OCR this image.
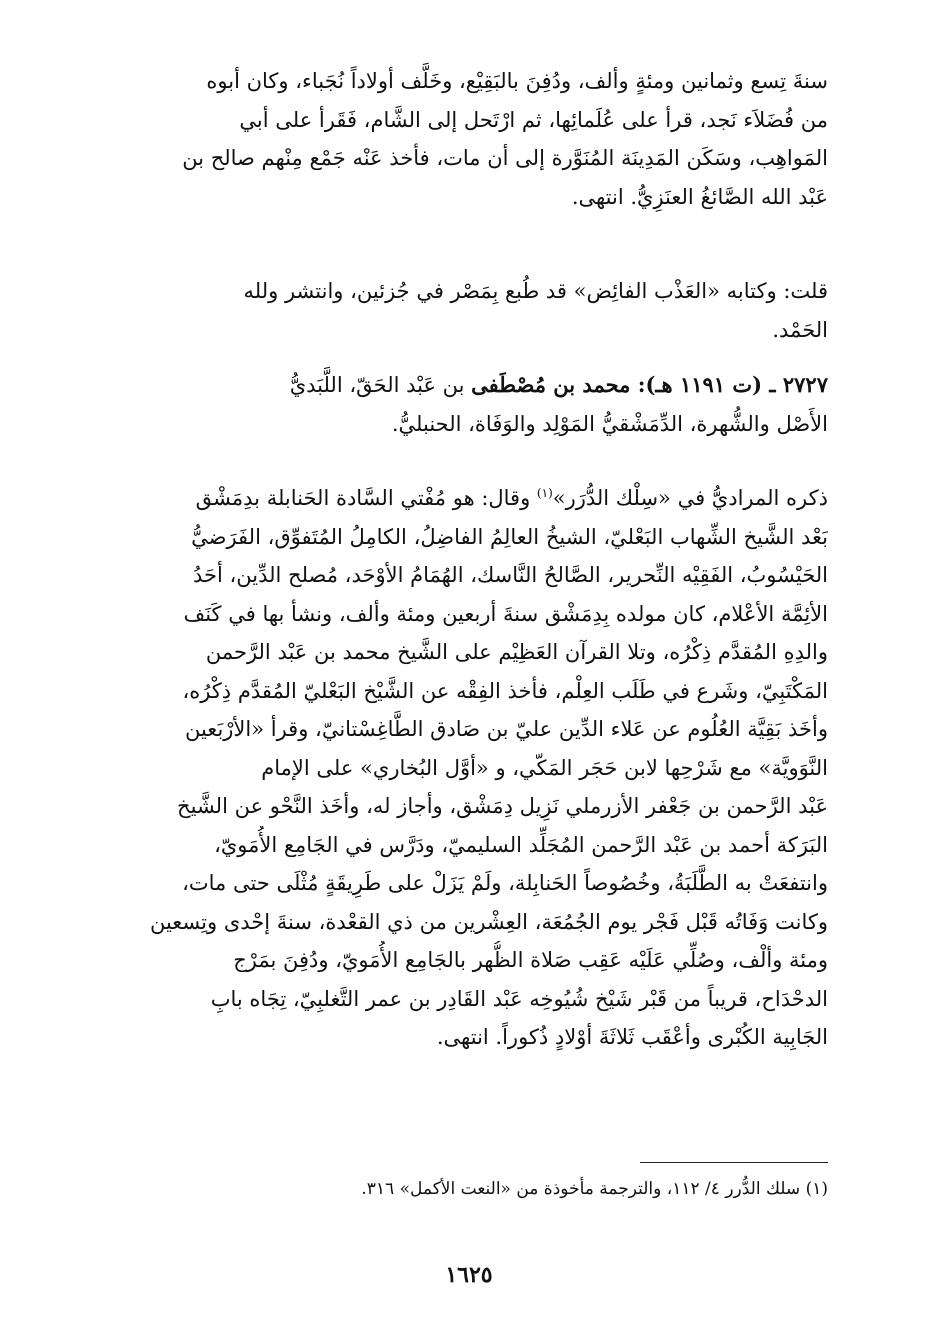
سنةَ تِسع وثمانين ومئةٍ وألف، ودُفِنَ بالبَقِيْع، وخَلَّف أولاداً نُجَباء، وكان أبوه
من فُضَلاَء نَجد، قرأ على عُلَمائِها، ثم ارْتَحل إلى الشَّام، فَقَرأ على أبي
المَواهِب، وسَكَن المَدِينَة المُنَوَّرة إلى أن مات، فأخذ عَنْه جَمْع مِنْهم صالح بن
عَبْد الله الصَّائغُ العنَزِيُّ. انتهى.
قلت: وكتابه «العَذْب الفائِض» قد طُبع بِمَصْر في جُزئين، وانتشر ولله
الحَمْد.
٢٧٢٧ ـ (ت ١١٩١ هـ): محمد بن مُصْطَفى بن عَبْد الحَقّ، اللَّبَديُّ
الأَصْل والشُّهرة، الدِّمَشْقيُّ المَوْلِد والوَفَاة، الحنبليُّ.
ذكره المراديُّ في «سِلْك الدُّرَر»$^{(١)}$ وقال: هو مُفْتي السَّادة الحَنابلة بدِمَشْق
بَعْد الشَّيخ الشِّهاب البَعْليّ، الشيخُ العالِمُ الفاضِلُ، الكامِلُ المُتَفوِّق، الفَرَضيُّ
الحَيْسُوبُ، الفَقِيْه النِّحرير، الصَّالحُ النَّاسك، الهُمَامُ الأوْحَد، مُصلح الدِّين، أحَدُ
الأئِمَّة الأعْلام، كان مولده بِدِمَشْق سنةَ أربعين ومئة وألف، ونشأ بها في كَنَف
والدِهِ المُقدَّم ذِكْرُه، وتلا القرآن العَظِيْم على الشَّيخ محمد بن عَبْد الرَّحمن
المَكْتَبِيّ، وشَرع في طَلَب العِلْم، فأخذ الفِقْه عن الشَّيْخ البَعْليّ المُقدَّم ذِكْرُه،
وأخَذ بَقِيَّة العُلُوم عن عَلاء الدِّين عليّ بن صَادق الطَّاغِسْتانيّ، وقرأ «الأرْبَعين
النَّوَويَّة» مع شَرْحِها لابن حَجَر المَكّي، و «أوَّل البُخاري» على الإمام
عَبْد الرَّحمن بن جَعْفر الأزرملي نَزِيل دِمَشْق، وأجاز له، وأخَذ النَّحْو عن الشَّيخ
البَرَكة أحمد بن عَبْد الرَّحمن المُجَلِّد السليميّ، ودَرَّس في الجَامِع الأُمَويّ،
وانتفعَتْ به الطَّلَبَةُ، وخُصُوصاً الحَنابِلة، ولَمْ يَزَلْ على طَرِيقَةٍ مُثْلَى حتى مات،
وكانت وَفَاتُه قَبْل فَجْر يوم الجُمُعَة، العِشْرين من ذي القعْدة، سنةَ إحْدى وتِسعين
ومئة وألْف، وصُلِّي عَلَيْه عَقِب صَلاة الظُّهر بالجَامِع الأُمَويّ، ودُفِنَ بمَرْج
الدحْدَاح، قريباً من قَبْر شَيْخ شُيُوخِه عَبْد القَادِر بن عمر التَّغلبِيّ، تِجَاه بابِ
الجَابِية الكُبْرى وأعْقَب ثَلاثَةَ أوْلادٍ ذُكوراً. انتهى.
(١) سلك الدُّرر ٤/ ١١٢، والترجمة مأخوذة من «النعت الأكمل» ٣١٦.
١٦٢٥
